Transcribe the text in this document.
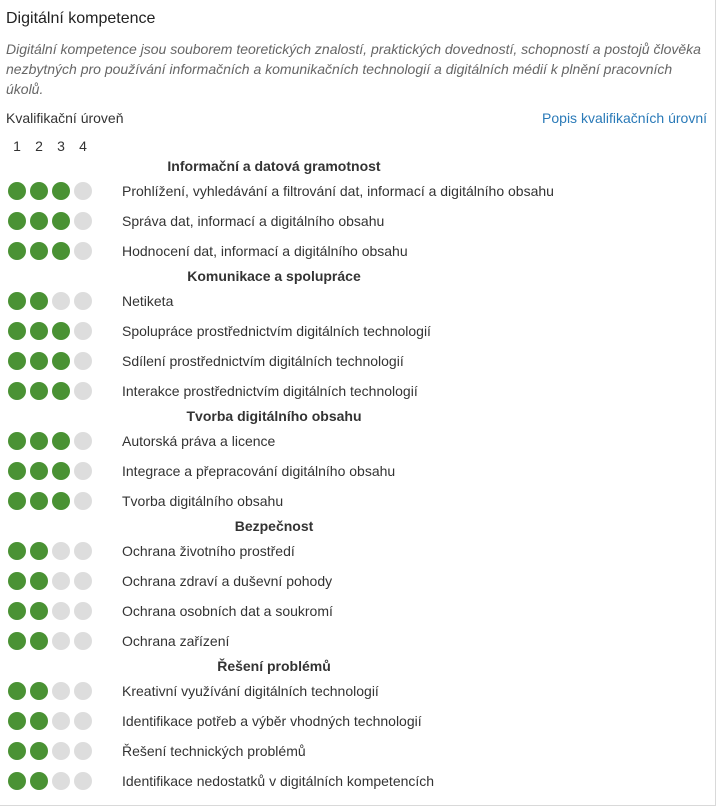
Digitální kompetence
Digitální kompetence jsou souborem teoretických znalostí, praktických dovedností, schopností a postojů člověka nezbytných pro používání informačních a komunikačních technologií a digitálních médií k plnění pracovních úkolů.
Kvalifikační úroveň	Popis kvalifikačních úrovní
1	2	3	4
Informační a datová gramotnost
Prohlížení, vyhledávání a filtrování dat, informací a digitálního obsahu
Správa dat, informací a digitálního obsahu
Hodnocení dat, informací a digitálního obsahu
Komunikace a spolupráce
Netiketa
Spolupráce prostřednictvím digitálních technologií
Sdílení prostřednictvím digitálních technologií
Interakce prostřednictvím digitálních technologií
Tvorba digitálního obsahu
Autorská práva a licence
Integrace a přepracování digitálního obsahu
Tvorba digitálního obsahu
Bezpečnost
Ochrana životního prostředí
Ochrana zdraví a duševní pohody
Ochrana osobních dat a soukromí
Ochrana zařízení
Řešení problémů
Kreativní využívání digitálních technologií
Identifikace potřeb a výběr vhodných technologií
Řešení technických problémů
Identifikace nedostatků v digitálních kompetencích
